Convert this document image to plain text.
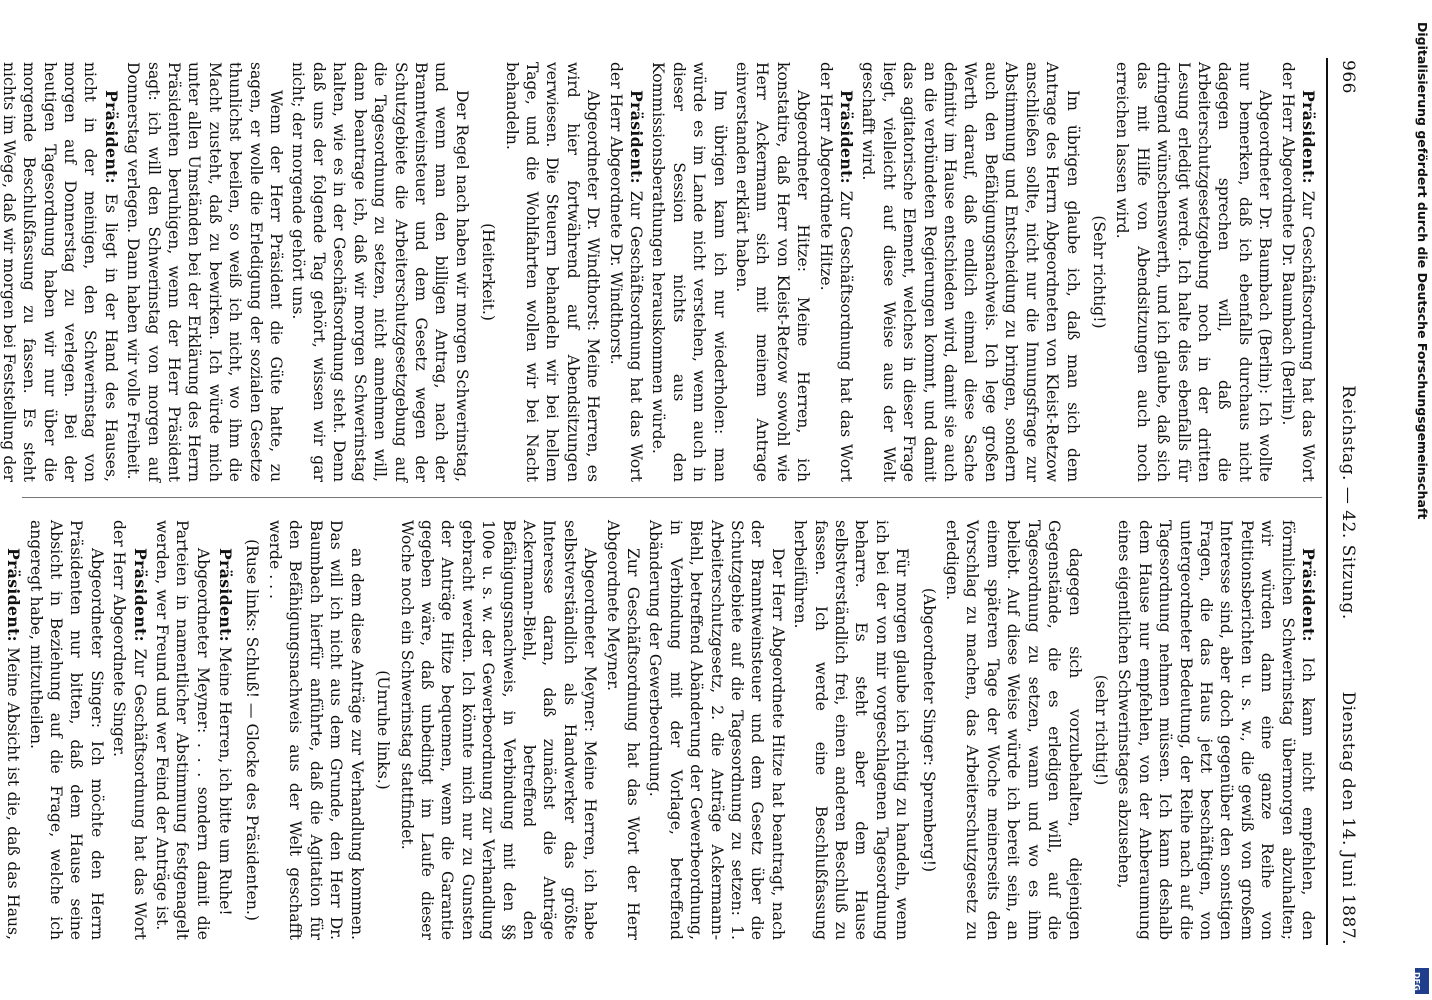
966
Reichstag. — 42. Sitzung.
Dienstag den 14. Juni 1887.

Präsident: Zur Geschäftsordnung hat das Wort der Herr Abgeordnete Dr. Baumbach (Berlin).

Abgeordneter Dr. Baumbach (Berlin): Ich wollte nur bemerken, daß ich ebenfalls durchaus nicht dagegen sprechen will, daß die Arbeiterschutzgesetzgebung noch in der dritten Lesung erledigt werde. Ich halte dies ebenfalls für dringend wünschenswerth, und ich glaube, daß sich das mit Hilfe von Abendsitzungen auch noch erreichen lassen wird.

(Sehr richtig!)

Im übrigen glaube ich, daß man sich dem Antrage des Herrn Abgeordneten von Kleist-Retzow anschließen sollte, nicht nur die Innungsfrage zur Abstimmung und Entscheidung zu bringen, sondern auch den Befähigungsnachweis. Ich lege großen Werth darauf, daß endlich einmal diese Sache definitiv im Hause entschieden wird, damit sie auch an die verbündeten Regierungen kommt, und damit das agitatorische Element, welches in dieser Frage liegt, vielleicht auf diese Weise aus der Welt geschafft wird.

Präsident: Zur Geschäftsordnung hat das Wort der Herr Abgeordnete Hitze.

Abgeordneter Hitze: Meine Herren, ich konstatire, daß Herr von Kleist-Retzow sowohl wie Herr Ackermann sich mit meinem Antrage einverstanden erklärt haben.

Im übrigen kann ich nur wiederholen: man würde es im Lande nicht verstehen, wenn auch in dieser Session nichts aus den Kommissionsberathungen herauskommen würde.

Präsident: Zur Geschäftsordnung hat das Wort der Herr Abgeordnete Dr. Windthorst.

Abgeordneter Dr. Windthorst: Meine Herren, es wird hier fortwährend auf Abendsitzungen verwiesen. Die Steuern behandeln wir bei hellem Tage, und die Wohlfahrten wollen wir bei Nacht behandeln.

(Heiterkeit.)

Der Regel nach haben wir morgen Schwerinstag, und wenn man den billigen Antrag, nach der Branntweinsteuer und dem Gesetz wegen der Schutzgebiete die Arbeiterschutzgesetzgebung auf die Tagesordnung zu setzen, nicht annehmen will, dann beantrage ich, daß wir morgen Schwerinstag halten, wie es in der Geschäftsordnung steht. Denn daß uns der folgende Tag gehört, wissen wir gar nicht; der morgende gehört uns.

Wenn der Herr Präsident die Güte hatte, zu sagen, er wolle die Erledigung der sozialen Gesetze thunlichst beeilen, so weiß ich nicht, wo ihm die Macht zusteht, daß zu bewirken. Ich würde mich unter allen Umständen bei der Erklärung des Herrn Präsidenten beruhigen, wenn der Herr Präsident sagt: ich will den Schwerinstag von morgen auf Donnerstag verlegen. Dann haben wir volle Freiheit.

Präsident: Es liegt in der Hand des Hauses, nicht in der meinigen, den Schwerinstag von morgen auf Donnerstag zu verlegen. Bei der heutigen Tagesordnung haben wir nur über die morgende Beschlußfassung zu fassen. Es steht nichts im Wege, daß wir morgen bei Feststellung der

Präsident: Ich kann nicht empfehlen, den förmlichen Schwerinstag übermorgen abzuhalten; wir würden dann eine ganze Reihe von Petitionsberichten u. s. w., die gewiß von großem Interesse sind, aber doch gegenüber den sonstigen Fragen, die das Haus jetzt beschäftigen, von untergeordneter Bedeutung, der Reihe nach auf die Tagesordnung nehmen müssen. Ich kann deshalb dem Hause nur empfehlen, von der Anberaumung eines eigentlichen Schwerinstages abzusehen,

(sehr richtig!)

dagegen sich vorzubehalten, diejenigen Gegenstände, die es erledigen will, auf die Tagesordnung zu setzen, wann und wo es ihm beliebt. Auf diese Weise würde ich bereit sein, an einem späteren Tage der Woche meinerseits den Vorschlag zu machen, das Arbeiterschutzgesetz zu erledigen.

(Abgeordneter Singer: Spremberg!)

Für morgen glaube ich richtig zu handeln, wenn ich bei der von mir vorgeschlagenen Tagesordnung beharre. Es steht aber dem Hause selbstverständlich frei, einen anderen Beschluß zu fassen. Ich werde eine Beschlußfassung herbeiführen.

Der Herr Abgeordnete Hitze hat beantragt, nach der Branntweinsteuer und dem Gesetz über die Schutzgebiete auf die Tagesordnung zu setzen: 1. Arbeiterschutzgesetz, 2. die Anträge Ackermann-Biehl, betreffend Abänderung der Gewerbeordnung, in Verbindung mit der Vorlage, betreffend Abänderung der Gewerbeordnung.

Zur Geschäftsordnung hat das Wort der Herr Abgeordnete Meyner.

Abgeordneter Meyner: Meine Herren, ich habe selbstverständlich als Handwerker das größte Interesse daran, daß zunächst die Anträge Ackermann-Biehl, betreffend den Befähigungsnachweis, in Verbindung mit den §§ 100e u. s. w. der Gewerbeordnung zur Verhandlung gebracht werden. Ich könnte mich nur zu Gunsten der Anträge Hitze bequemen, wenn die Garantie gegeben wäre, daß unbedingt im Laufe dieser Woche noch ein Schwerinstag stattfindet.

(Unruhe links.)

an dem diese Anträge zur Verhandlung kommen. Das will ich nicht aus dem Grunde, den Herr Dr. Baumbach hierfür anführte, daß die Agitation für den Befähigungsnachweis aus der Welt geschafft werde . . .

(Ruse links: Schluß! — Glocke des Präsidenten.)

Präsident: Meine Herren, ich bitte um Ruhe!

Abgeordneter Meyner: . . . sondern damit die Parteien in namentlicher Abstimmung festgenagelt werden, wer Freund und wer Feind der Anträge ist.

Präsident: Zur Geschäftsordnung hat das Wort der Herr Abgeordnete Singer.

Abgeordneter Singer: Ich möchte den Herrn Präsidenten nur bitten, daß dem Hause seine Absicht in Beziehung auf die Frage, welche ich angeregt habe, mitzutheilen.

Präsident: Meine Absicht ist die, daß das Haus,

Digitalisierung gefördert durch die Deutsche Forschungsgemeinschaft
DFG
